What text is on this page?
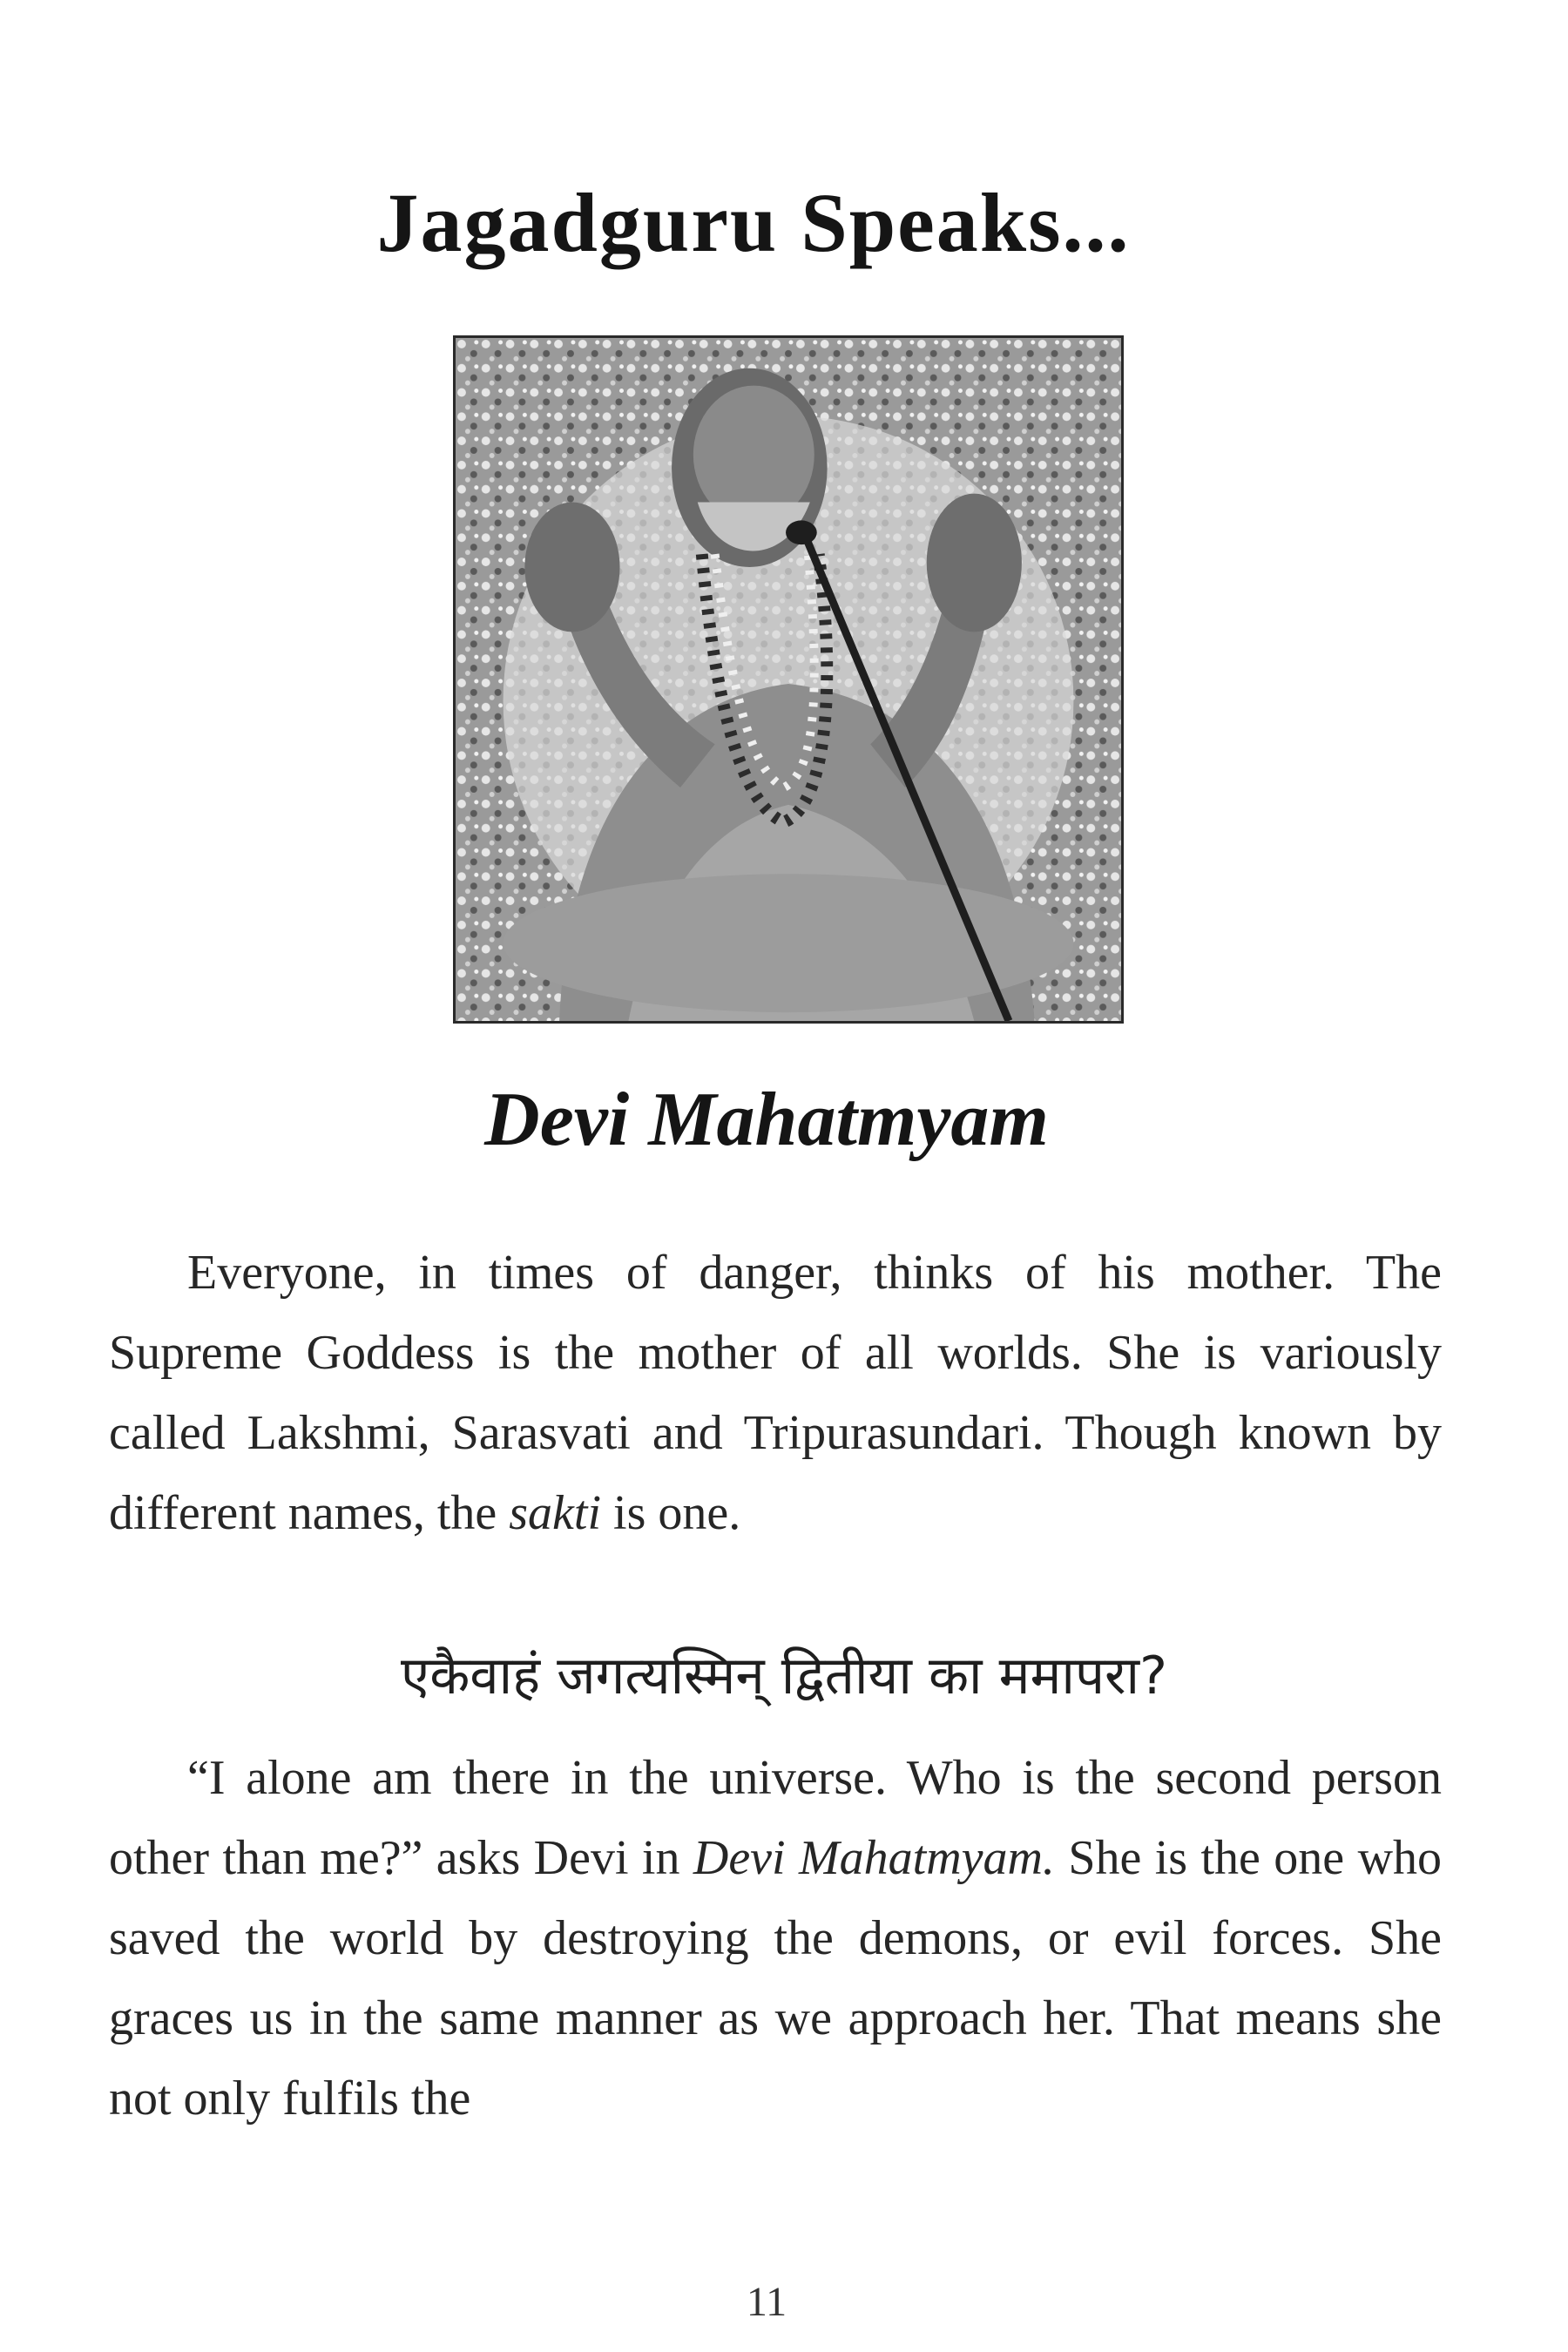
Jagadguru Speaks...
Devi Mahatmyam

Everyone, in times of danger, thinks of his mother. The Supreme Goddess is the mother of all worlds. She is variously called Lakshmi, Sarasvati and Tripurasundari. Though known by different names, the sakti is one.

एकैवाहं जगत्यस्मिन् द्वितीया का ममापरा?

“I alone am there in the universe. Who is the second person other than me?” asks Devi in Devi Mahatmyam. She is the one who saved the world by destroying the demons, or evil forces. She graces us in the same manner as we approach her. That means she not only fulfils the

11
